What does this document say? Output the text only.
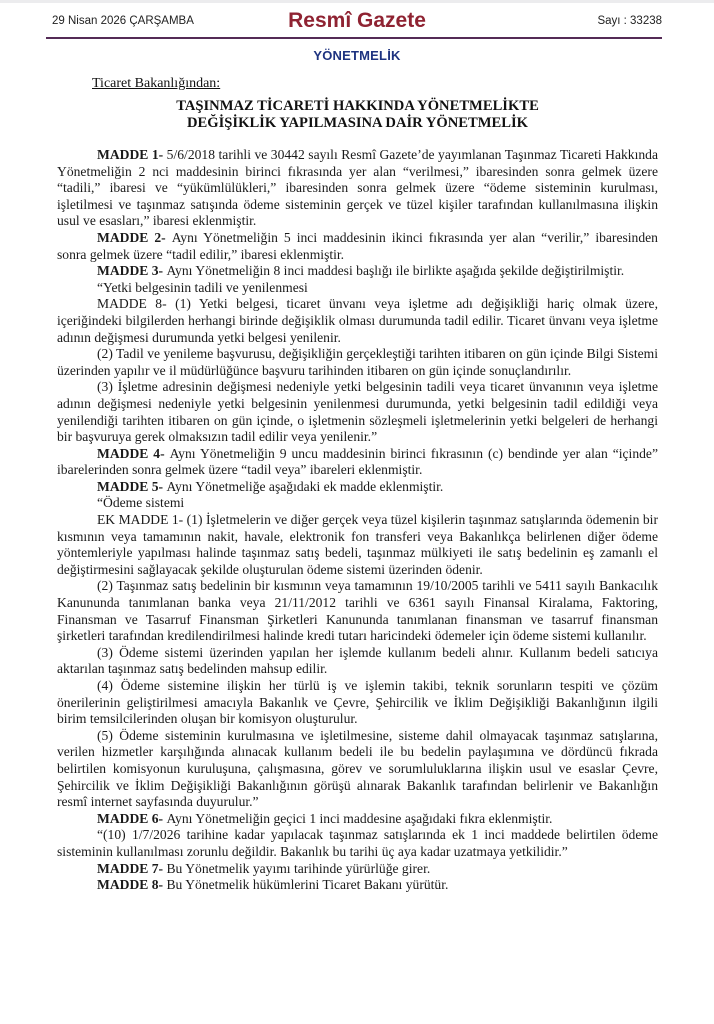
29 Nisan 2026 ÇARŞAMBA	Resmî Gazete	Sayı : 33238
YÖNETMELİK
Ticaret Bakanlığından:
TAŞINMAZ TİCARETİ HAKKINDA YÖNETMELİKTE
DEĞİŞİKLİK YAPILMASINA DAİR YÖNETMELİK

MADDE 1- 5/6/2018 tarihli ve 30442 sayılı Resmî Gazete’de yayımlanan Taşınmaz Ticareti Hakkında Yönetmeliğin 2 nci maddesinin birinci fıkrasında yer alan “verilmesi,” ibaresinden sonra gelmek üzere “tadili,” ibaresi ve “yükümlülükleri,” ibaresinden sonra gelmek üzere “ödeme sisteminin kurulması, işletilmesi ve taşınmaz satışında ödeme sisteminin gerçek ve tüzel kişiler tarafından kullanılmasına ilişkin usul ve esasları,” ibaresi eklenmiştir.

MADDE 2- Aynı Yönetmeliğin 5 inci maddesinin ikinci fıkrasında yer alan “verilir,” ibaresinden sonra gelmek üzere “tadil edilir,” ibaresi eklenmiştir.

MADDE 3- Aynı Yönetmeliğin 8 inci maddesi başlığı ile birlikte aşağıda şekilde değiştirilmiştir.

“Yetki belgesinin tadili ve yenilenmesi

MADDE 8- (1) Yetki belgesi, ticaret ünvanı veya işletme adı değişikliği hariç olmak üzere, içeriğindeki bilgilerden herhangi birinde değişiklik olması durumunda tadil edilir. Ticaret ünvanı veya işletme adının değişmesi durumunda yetki belgesi yenilenir.

(2) Tadil ve yenileme başvurusu, değişikliğin gerçekleştiği tarihten itibaren on gün içinde Bilgi Sistemi üzerinden yapılır ve il müdürlüğünce başvuru tarihinden itibaren on gün içinde sonuçlandırılır.

(3) İşletme adresinin değişmesi nedeniyle yetki belgesinin tadili veya ticaret ünvanının veya işletme adının değişmesi nedeniyle yetki belgesinin yenilenmesi durumunda, yetki belgesinin tadil edildiği veya yenilendiği tarihten itibaren on gün içinde, o işletmenin sözleşmeli işletmelerinin yetki belgeleri de herhangi bir başvuruya gerek olmaksızın tadil edilir veya yenilenir.”

MADDE 4- Aynı Yönetmeliğin 9 uncu maddesinin birinci fıkrasının (c) bendinde yer alan “içinde” ibarelerinden sonra gelmek üzere “tadil veya” ibareleri eklenmiştir.

MADDE 5- Aynı Yönetmeliğe aşağıdaki ek madde eklenmiştir.

“Ödeme sistemi

EK MADDE 1- (1) İşletmelerin ve diğer gerçek veya tüzel kişilerin taşınmaz satışlarında ödemenin bir kısmının veya tamamının nakit, havale, elektronik fon transferi veya Bakanlıkça belirlenen diğer ödeme yöntemleriyle yapılması halinde taşınmaz satış bedeli, taşınmaz mülkiyeti ile satış bedelinin eş zamanlı el değiştirmesini sağlayacak şekilde oluşturulan ödeme sistemi üzerinden ödenir.

(2) Taşınmaz satış bedelinin bir kısmının veya tamamının 19/10/2005 tarihli ve 5411 sayılı Bankacılık Kanununda tanımlanan banka veya 21/11/2012 tarihli ve 6361 sayılı Finansal Kiralama, Faktoring, Finansman ve Tasarruf Finansman Şirketleri Kanununda tanımlanan finansman ve tasarruf finansman şirketleri tarafından kredilendirilmesi halinde kredi tutarı haricindeki ödemeler için ödeme sistemi kullanılır.

(3) Ödeme sistemi üzerinden yapılan her işlemde kullanım bedeli alınır. Kullanım bedeli satıcıya aktarılan taşınmaz satış bedelinden mahsup edilir.

(4) Ödeme sistemine ilişkin her türlü iş ve işlemin takibi, teknik sorunların tespiti ve çözüm önerilerinin geliştirilmesi amacıyla Bakanlık ve Çevre, Şehircilik ve İklim Değişikliği Bakanlığının ilgili birim temsilcilerinden oluşan bir komisyon oluşturulur.

(5) Ödeme sisteminin kurulmasına ve işletilmesine, sisteme dahil olmayacak taşınmaz satışlarına, verilen hizmetler karşılığında alınacak kullanım bedeli ile bu bedelin paylaşımına ve dördüncü fıkrada belirtilen komisyonun kuruluşuna, çalışmasına, görev ve sorumluluklarına ilişkin usul ve esaslar Çevre, Şehircilik ve İklim Değişikliği Bakanlığının görüşü alınarak Bakanlık tarafından belirlenir ve Bakanlığın resmî internet sayfasında duyurulur.”

MADDE 6- Aynı Yönetmeliğin geçici 1 inci maddesine aşağıdaki fıkra eklenmiştir.

“(10) 1/7/2026 tarihine kadar yapılacak taşınmaz satışlarında ek 1 inci maddede belirtilen ödeme sisteminin kullanılması zorunlu değildir. Bakanlık bu tarihi üç aya kadar uzatmaya yetkilidir.”

MADDE 7- Bu Yönetmelik yayımı tarihinde yürürlüğe girer.

MADDE 8- Bu Yönetmelik hükümlerini Ticaret Bakanı yürütür.
